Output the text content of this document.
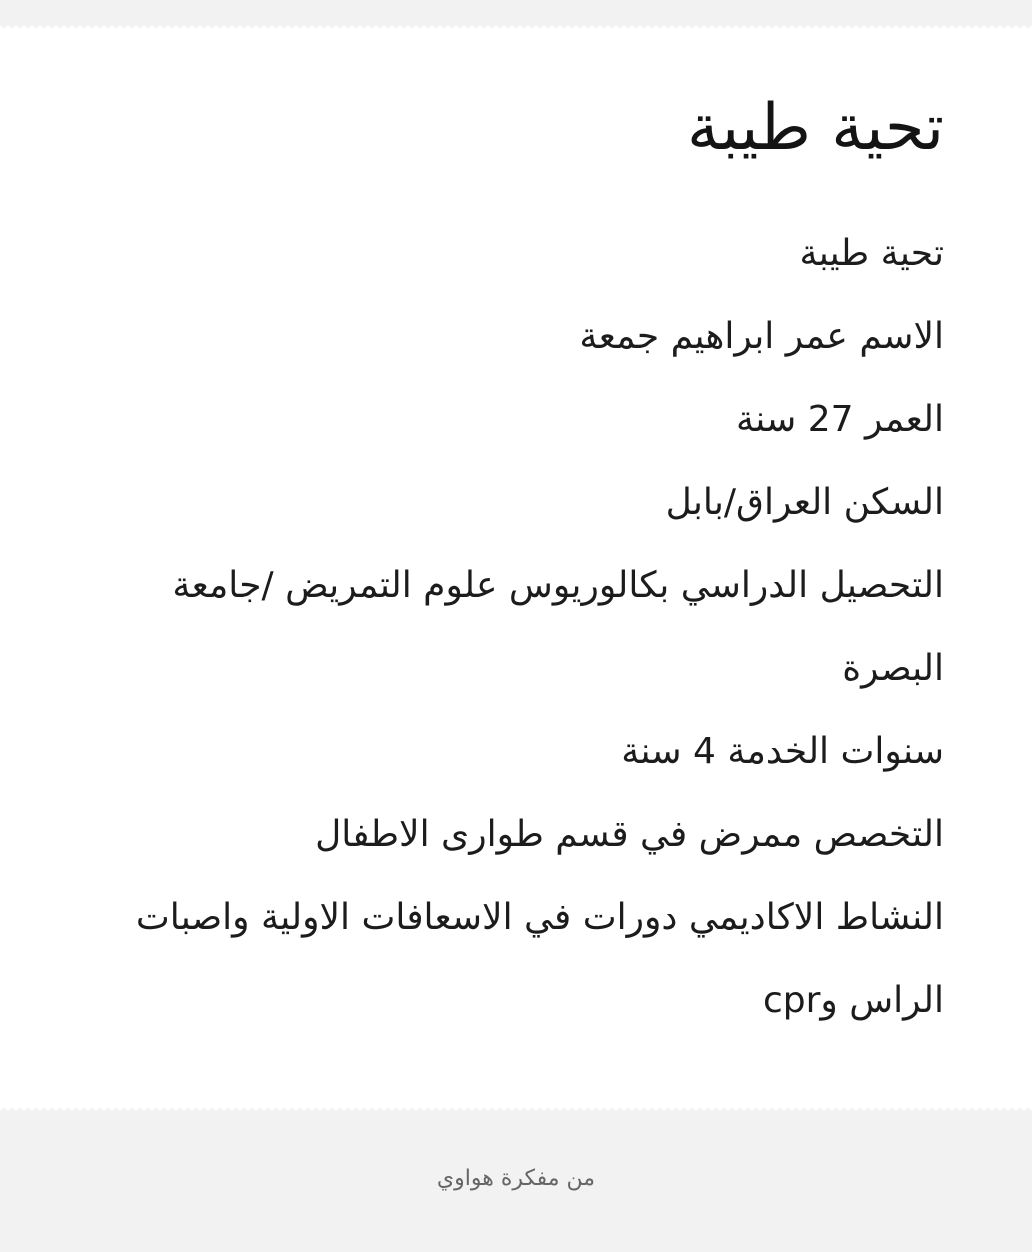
تحية طيبة
تحية طيبة
الاسم عمر ابراهيم جمعة
العمر 27 سنة
السكن العراق/بابل
التحصيل الدراسي بكالوريوس علوم التمريض /جامعة البصرة
سنوات الخدمة 4 سنة
التخصص ممرض في قسم طوارى الاطفال
النشاط الاكاديمي دورات في الاسعافات الاولية واصبات الراس وcpr
من مفكرة هواوي
